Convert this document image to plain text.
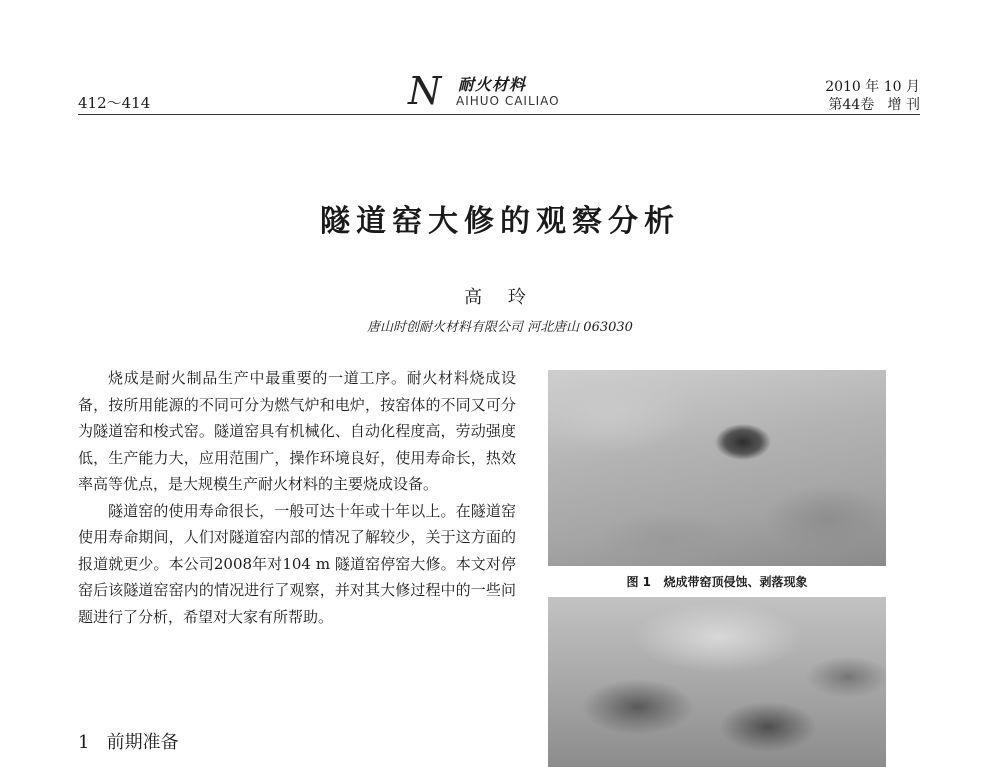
412～414	N 耐火材料
AIHUO CAILIAO
2010 年 10 月
第44卷   增 刊
隧道窑大修的观察分析
高 玲
唐山时创耐火材料有限公司 河北唐山 063030

烧成是耐火制品生产中最重要的一道工序。耐火材料烧成设备，按所用能源的不同可分为燃气炉和电炉，按窑体的不同又可分为隧道窑和梭式窑。隧道窑具有机械化、自动化程度高，劳动强度低，生产能力大，应用范围广，操作环境良好，使用寿命长，热效率高等优点，是大规模生产耐火材料的主要烧成设备。

隧道窑的使用寿命很长，一般可达十年或十年以上。在隧道窑使用寿命期间，人们对隧道窑内部的情况了解较少，关于这方面的报道就更少。本公司2008年对104 m 隧道窑停窑大修。本文对停窑后该隧道窑窑内的情况进行了观察，并对其大修过程中的一些问题进行了分析，希望对大家有所帮助。

1   前期准备
图 1   烧成带窑顶侵蚀、剥落现象
